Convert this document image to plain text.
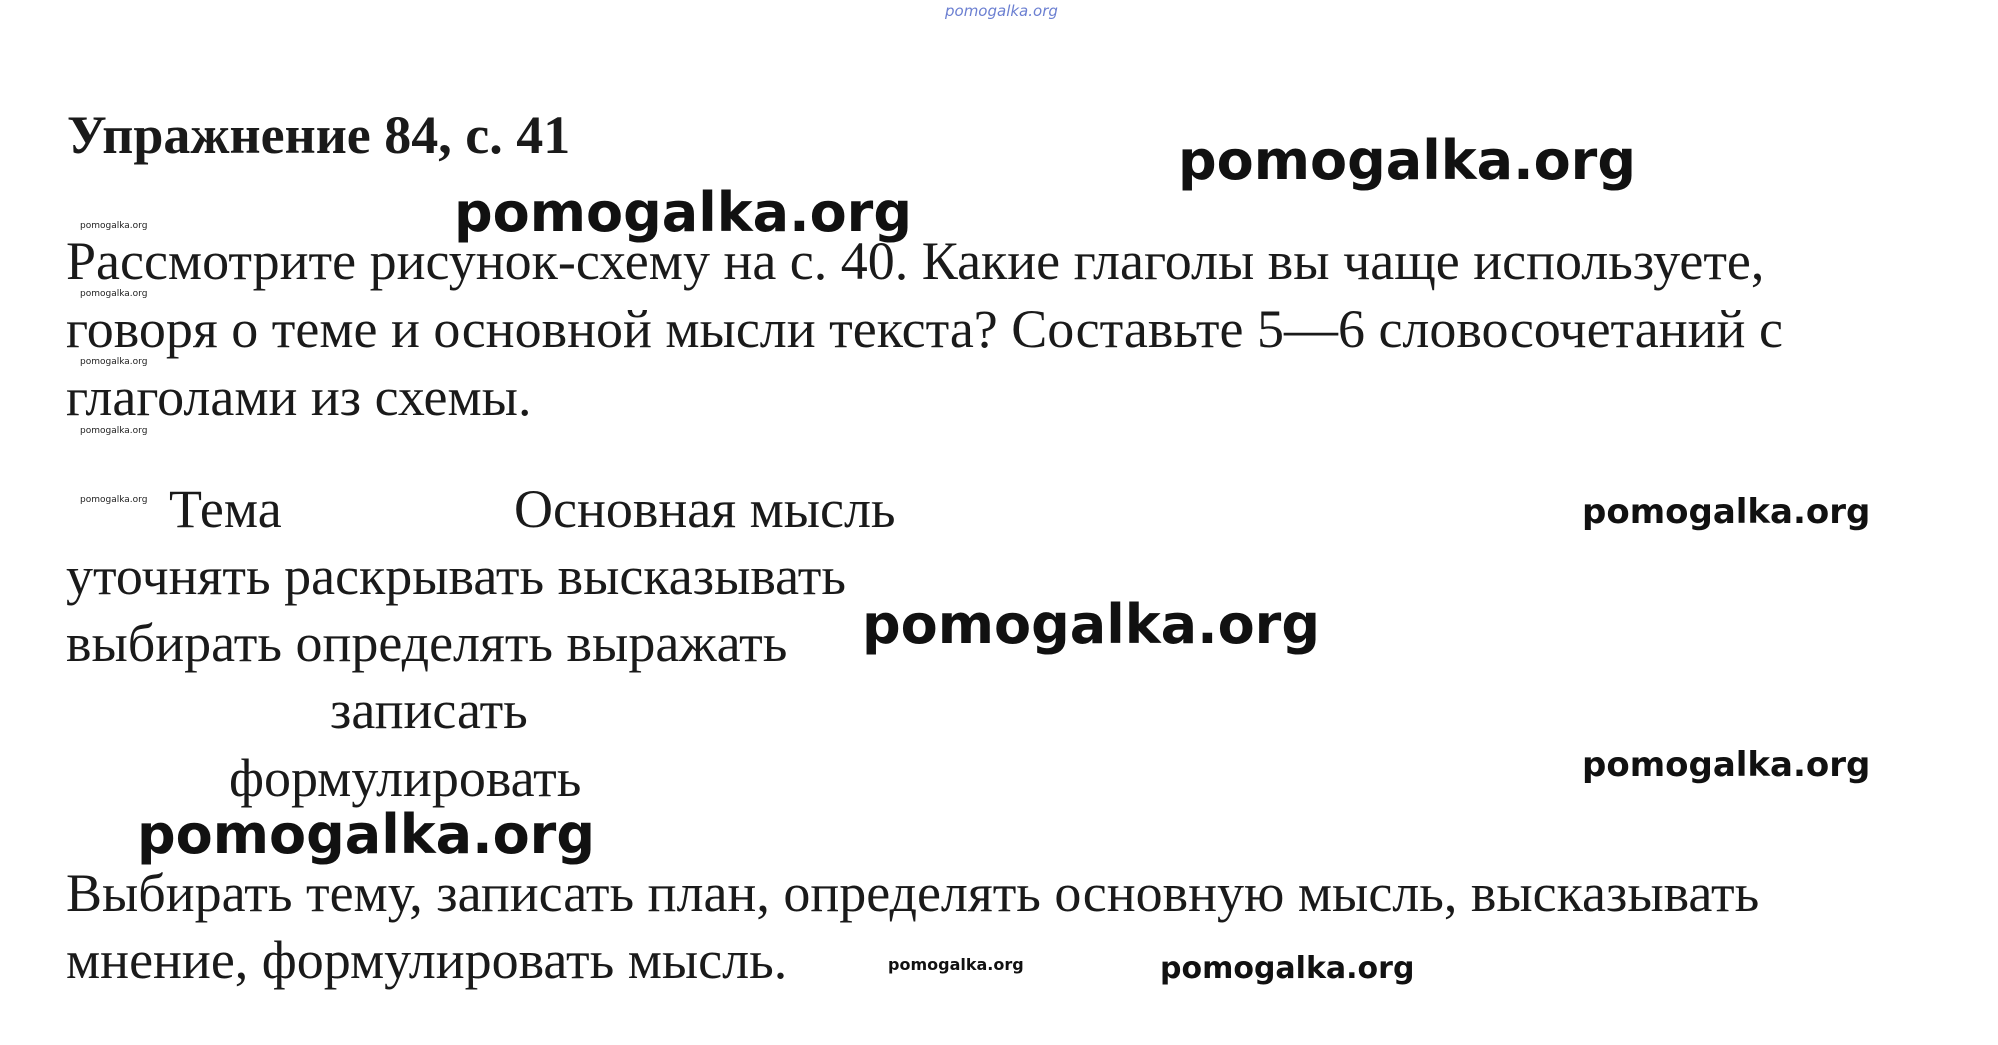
pomogalka.org
Упражнение 84, с. 41	pomogalka.org
pomogalka.org
pomogalka.org
pomogalka.org
pomogalka.org
pomogalka.org
pomogalka.org
pomogalka.org
pomogalka.org
Рассмотрите рисунок-схему на с. 40. Какие глаголы вы чаще используете,
говоря о теме и основной мысли текста? Составьте 5—6 словосочетаний с
глаголами из схемы.
Тема	Основная мысль	pomogalka.org
уточнять раскрывать высказывать
выбирать определять выражать
записать
формулировать	pomogalka.org
Выбирать тему, записать план, определять основную мысль, высказывать
мнение, формулировать мысль.	pomogalka.org	pomogalka.org
